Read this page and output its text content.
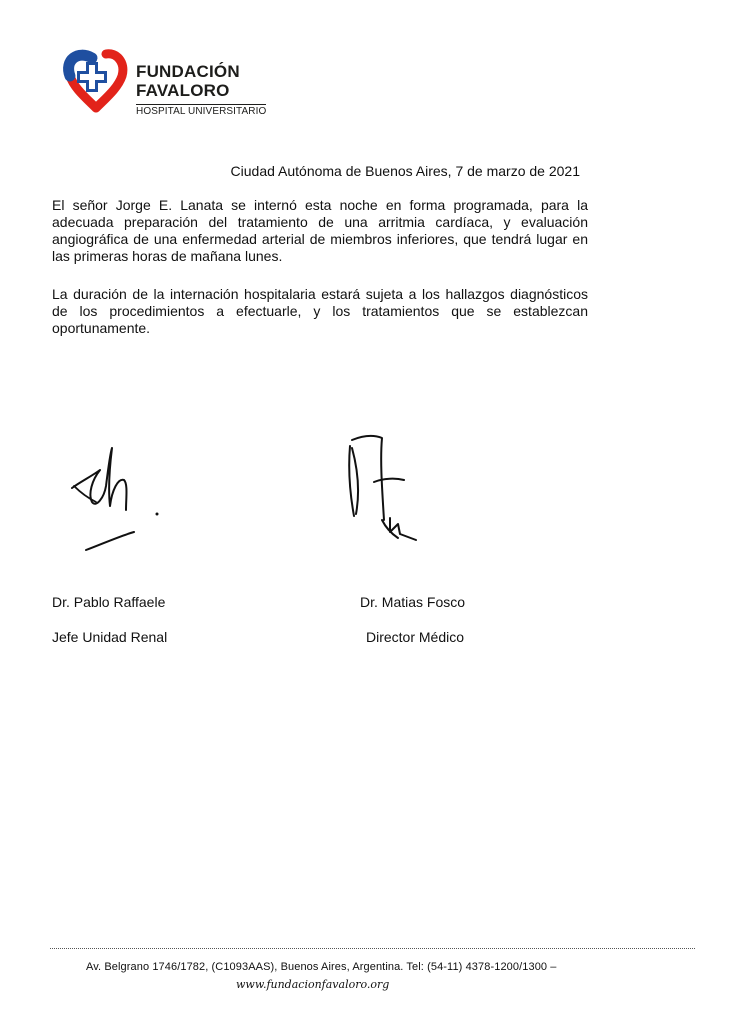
FUNDACIÓN
FAVALORO
HOSPITAL UNIVERSITARIO
Ciudad Autónoma de Buenos Aires, 7 de marzo de 2021
El señor Jorge E. Lanata se internó esta noche en forma programada, para la adecuada preparación del tratamiento de una arritmia cardíaca, y evaluación angiográfica de una enfermedad arterial de miembros inferiores, que tendrá lugar en las primeras horas de mañana lunes.
La duración de la internación hospitalaria estará sujeta a los hallazgos diagnósticos de los procedimientos a efectuarle, y los tratamientos que se establezcan oportunamente.
Dr. Pablo Raffaele
Jefe Unidad Renal
Dr. Matias Fosco
Director Médico
Av. Belgrano 1746/1782, (C1093AAS), Buenos Aires, Argentina. Tel: (54-11) 4378-1200/1300 –
www.fundacionfavaloro.org
